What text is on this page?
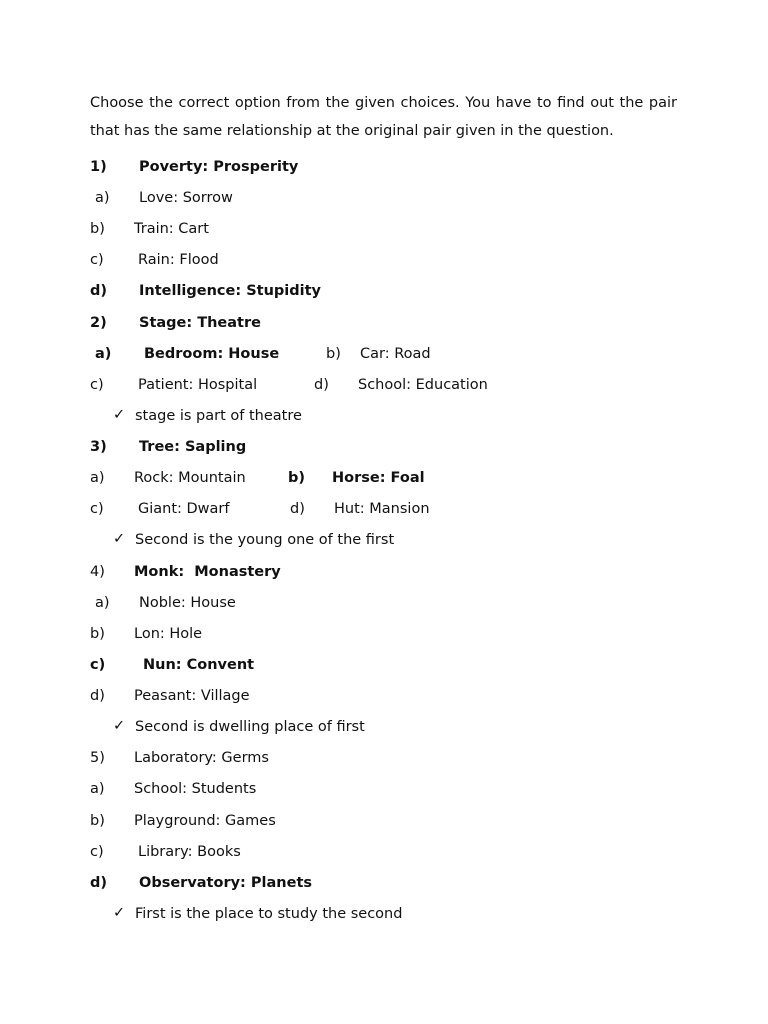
Choose the correct option from the given choices. You have to find out the pair that has the same relationship at the original pair given in the question.

1) Poverty: Prosperity
a) Love: Sorrow
b) Train: Cart
c) Rain: Flood
d) Intelligence: Stupidity
2) Stage: Theatre
a) Bedroom: House	b) Car: Road
c) Patient: Hospital	d) School: Education
✓ stage is part of theatre
3) Tree: Sapling
a) Rock: Mountain	b) Horse: Foal
c) Giant: Dwarf	d) Hut: Mansion
✓ Second is the young one of the first
4) Monk:  Monastery
a) Noble: House
b) Lon: Hole
c)	Nun: Convent
d) Peasant: Village
✓ Second is dwelling place of first
5) Laboratory: Germs
a) School: Students
b) Playground: Games
c) Library: Books
d) Observatory: Planets
✓ First is the place to study the second
